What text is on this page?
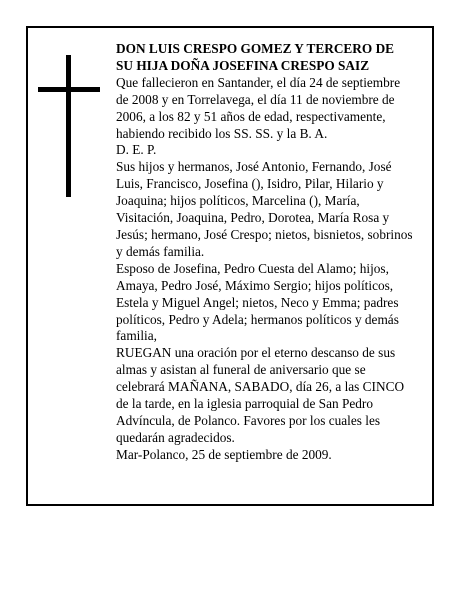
DON LUIS CRESPO GOMEZ Y TERCERO DE SU HIJA DOÑA JOSEFINA CRESPO SAIZ

Que fallecieron en Santander, el día 24 de septiembre de 2008 y en Torrelavega, el día 11 de noviembre de 2006, a los 82 y 51 años de edad, respectivamente, habiendo recibido los SS. SS. y la B. A.

D. E. P.

Sus hijos y hermanos, José Antonio, Fernando, José Luis, Francisco, Josefina (), Isidro, Pilar, Hilario y Joaquina; hijos políticos, Marcelina (), María, Visitación, Joaquina, Pedro, Dorotea, María Rosa y Jesús; hermano, José Crespo; nietos, bisnietos, sobrinos y demás familia.

Esposo de Josefina, Pedro Cuesta del Alamo; hijos, Amaya, Pedro José, Máximo Sergio; hijos políticos, Estela y Miguel Angel; nietos, Neco y Emma; padres políticos, Pedro y Adela; hermanos políticos y demás familia,

RUEGAN una oración por el eterno descanso de sus almas y asistan al funeral de aniversario que se celebrará MAÑANA, SABADO, día 26, a las CINCO de la tarde, en la iglesia parroquial de San Pedro Advíncula, de Polanco. Favores por los cuales les quedarán agradecidos.

Mar-Polanco, 25 de septiembre de 2009.
